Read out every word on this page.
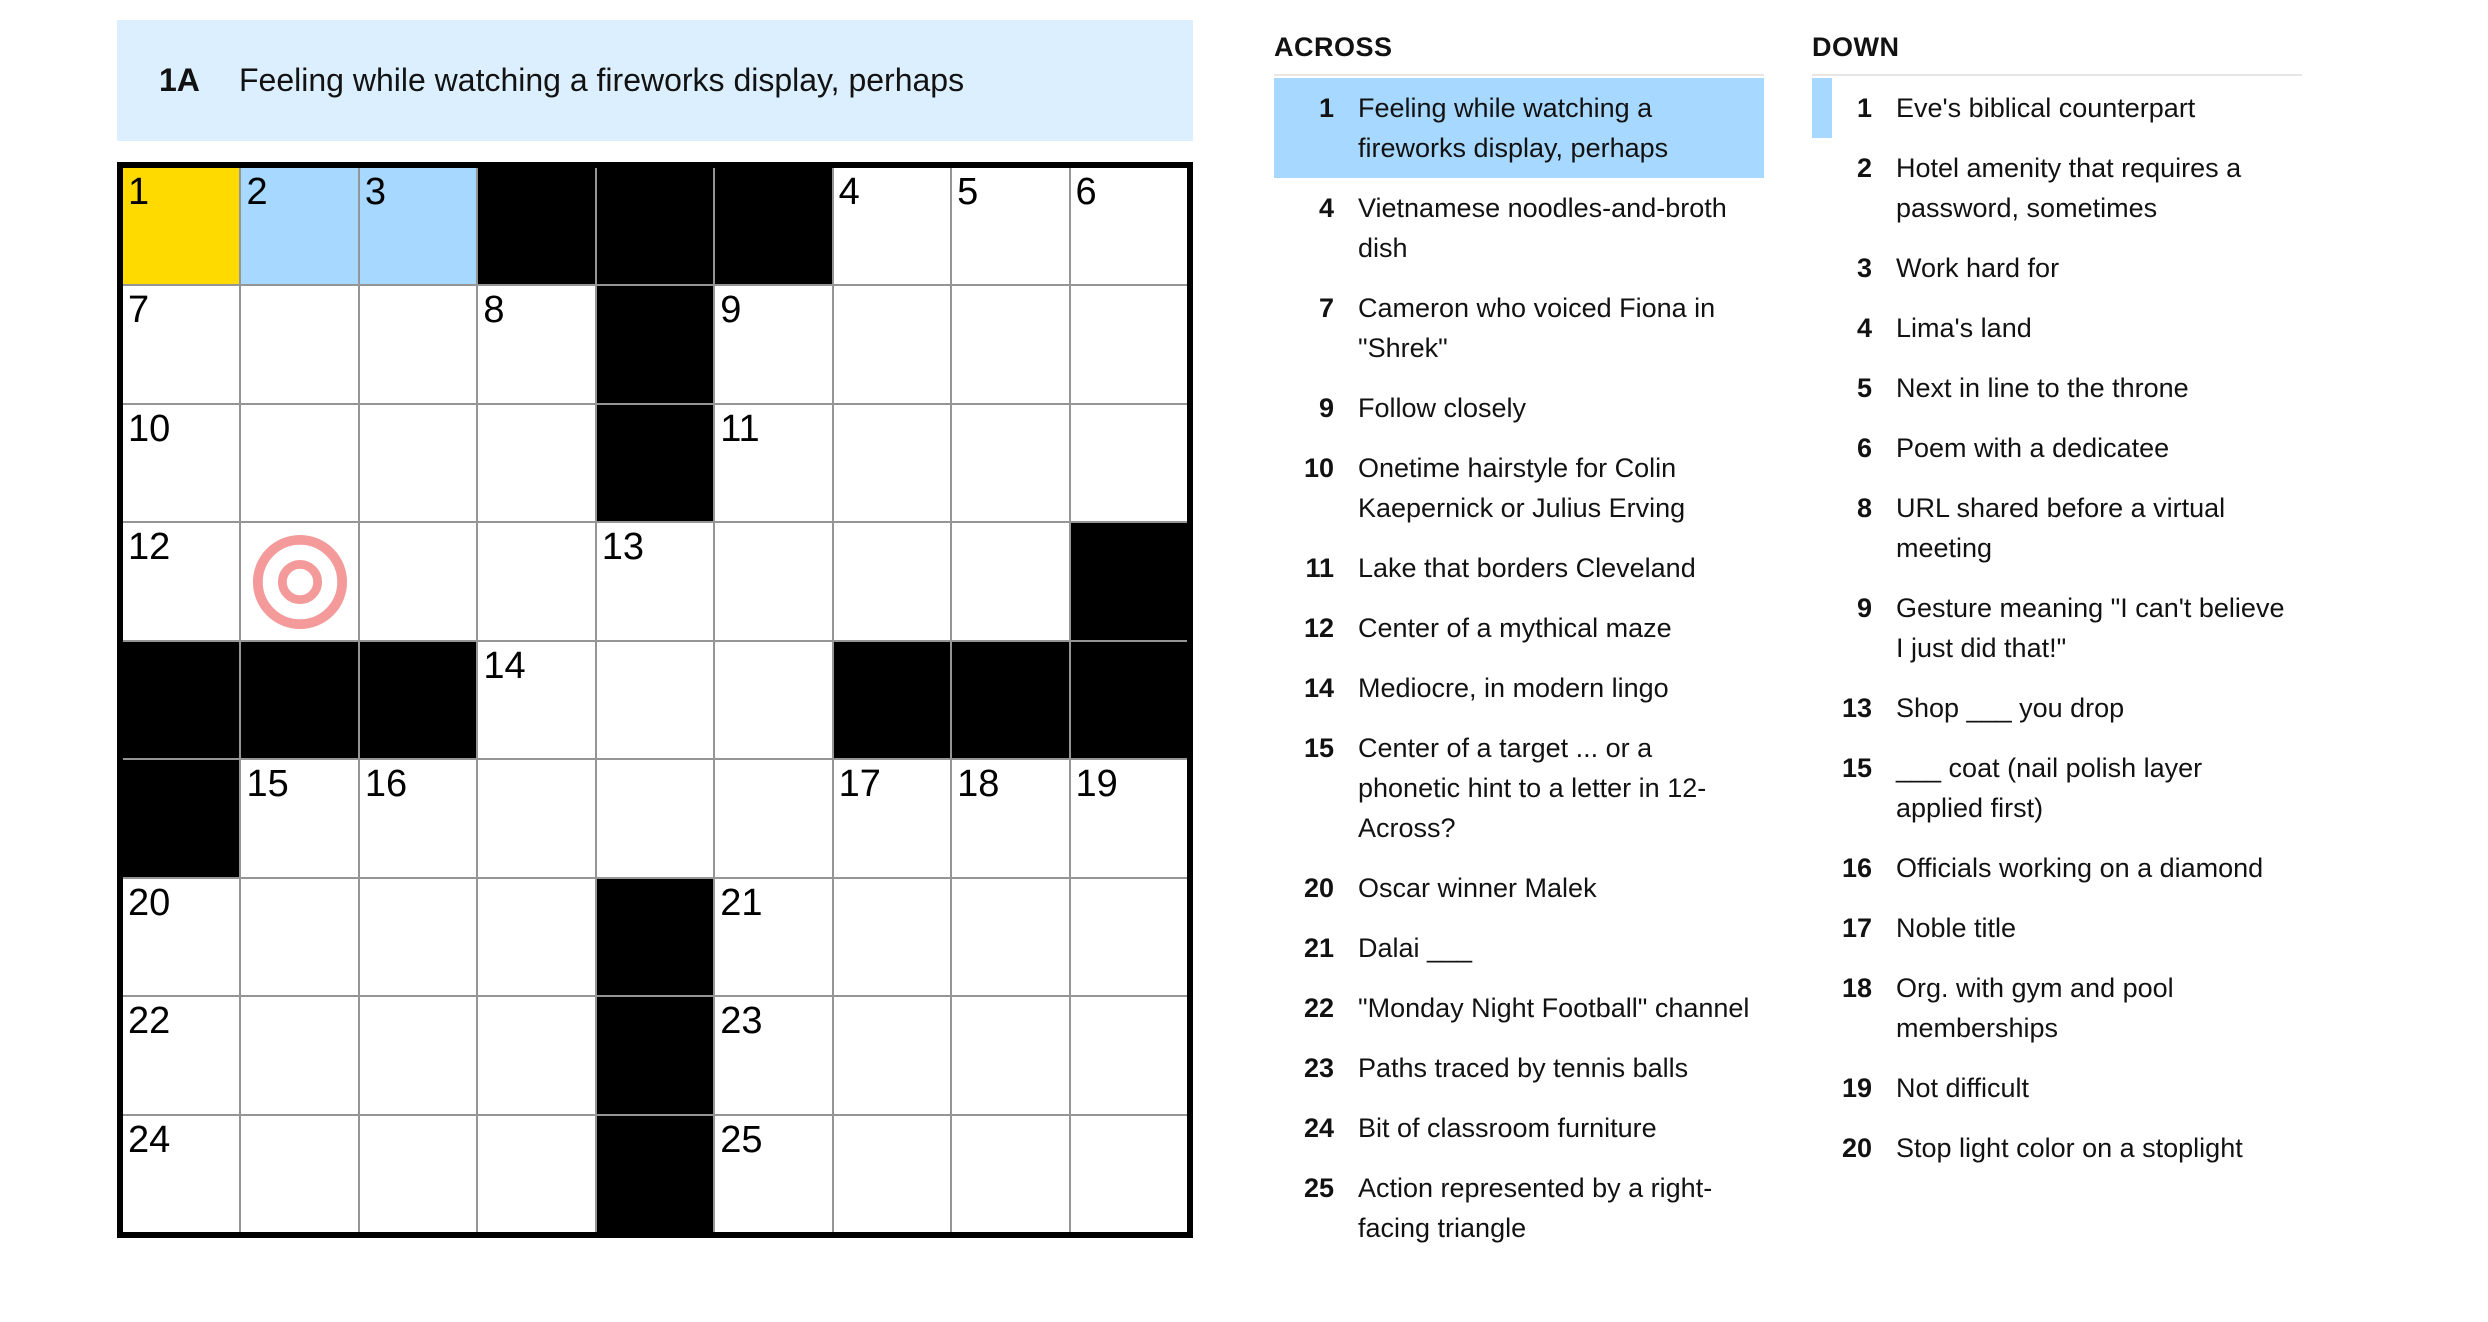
1A	Feeling while watching a fireworks display, perhaps
1	2	3	4	5	6
7	8	9
10	11
12	13
14
15 16	17 18 19
20	21
22	23
24	25
ACROSS
1 Feeling while watching a fireworks display, perhaps
4 Vietnamese noodles-and-broth dish
7 Cameron who voiced Fiona in "Shrek"
9 Follow closely
10 Onetime hairstyle for Colin Kaepernick or Julius Erving
11 Lake that borders Cleveland
12 Center of a mythical maze
14 Mediocre, in modern lingo
15 Center of a target ... or a phonetic hint to a letter in 12-Across?
20 Oscar winner Malek
21 Dalai ___
22 "Monday Night Football" channel
23 Paths traced by tennis balls
24 Bit of classroom furniture
25 Action represented by a right-facing triangle
DOWN
1 Eve's biblical counterpart
2 Hotel amenity that requires a password, sometimes
3 Work hard for
4 Lima's land
5 Next in line to the throne
6 Poem with a dedicatee
8 URL shared before a virtual meeting
9 Gesture meaning "I can't believe I just did that!"
13 Shop ___ you drop
15 ___ coat (nail polish layer applied first)
16 Officials working on a diamond
17 Noble title
18 Org. with gym and pool memberships
19 Not difficult
20 Stop light color on a stoplight
